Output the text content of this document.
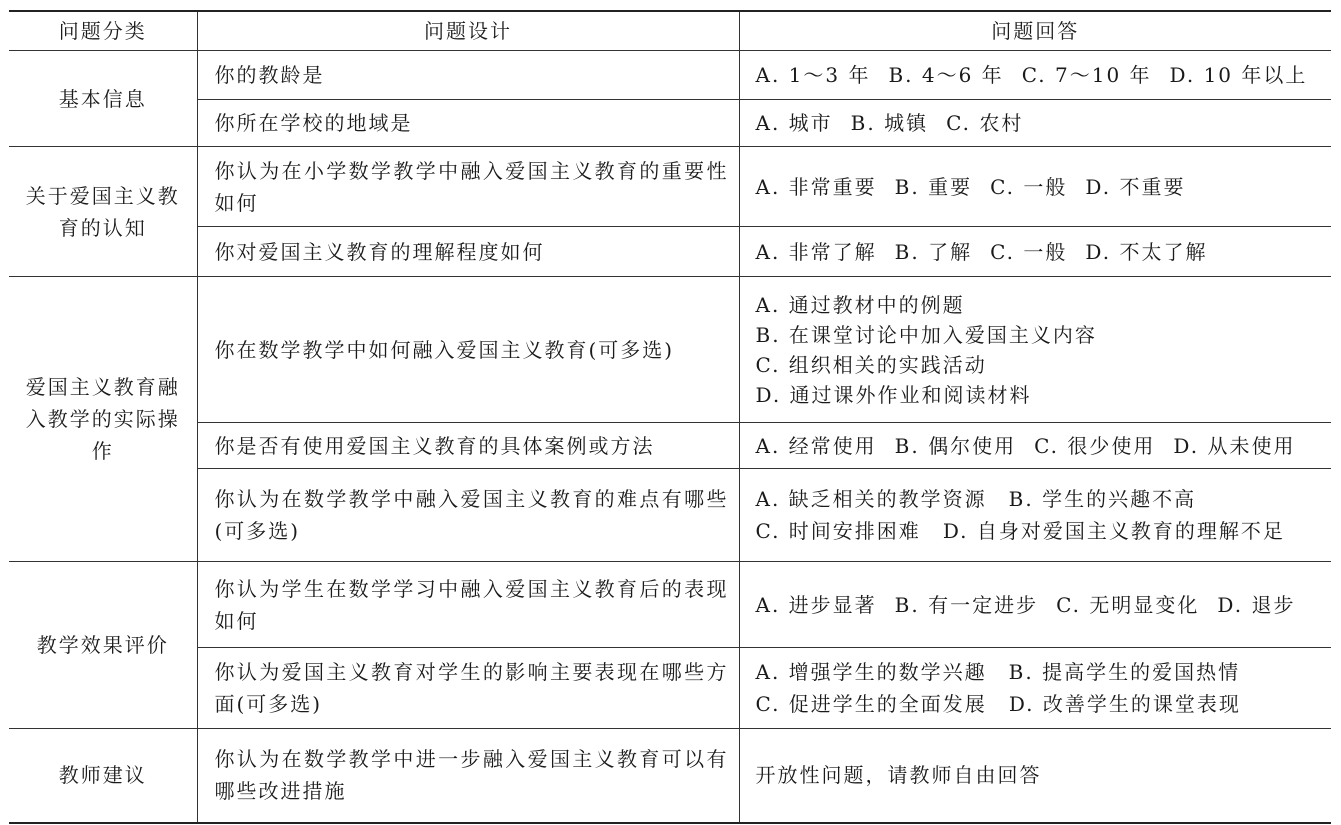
问题分类	问题设计	问题回答
基本信息	你的教龄是	A. 1～3 年 B. 4～6 年 C. 7～10 年 D. 10 年以上

	你所在学校的地域是	A. 城市 B. 城镇 C. 农村

关于爱国主义教育的认知	你认为在小学数学教学中融入爱国主义教育的重要性如何	A. 非常重要 B. 重要 C. 一般 D. 不重要

	你对爱国主义教育的理解程度如何	A. 非常了解 B. 了解 C. 一般 D. 不太了解

爱国主义教育融入教学的实际操作	你在数学教学中如何融入爱国主义教育(可多选)	A. 通过教材中的例题
B. 在课堂讨论中加入爱国主义内容
C. 组织相关的实践活动
D. 通过课外作业和阅读材料

	你是否有使用爱国主义教育的具体案例或方法	A. 经常使用 B. 偶尔使用 C. 很少使用 D. 从未使用

	你认为在数学教学中融入爱国主义教育的难点有哪些(可多选)	A. 缺乏相关的教学资源 B. 学生的兴趣不高
C. 时间安排困难 D. 自身对爱国主义教育的理解不足

教学效果评价	你认为学生在数学学习中融入爱国主义教育后的表现如何	A. 进步显著 B. 有一定进步 C. 无明显变化 D. 退步

	你认为爱国主义教育对学生的影响主要表现在哪些方面(可多选)	A. 增强学生的数学兴趣 B. 提高学生的爱国热情
C. 促进学生的全面发展 D. 改善学生的课堂表现

教师建议	你认为在数学教学中进一步融入爱国主义教育可以有哪些改进措施	开放性问题，请教师自由回答
